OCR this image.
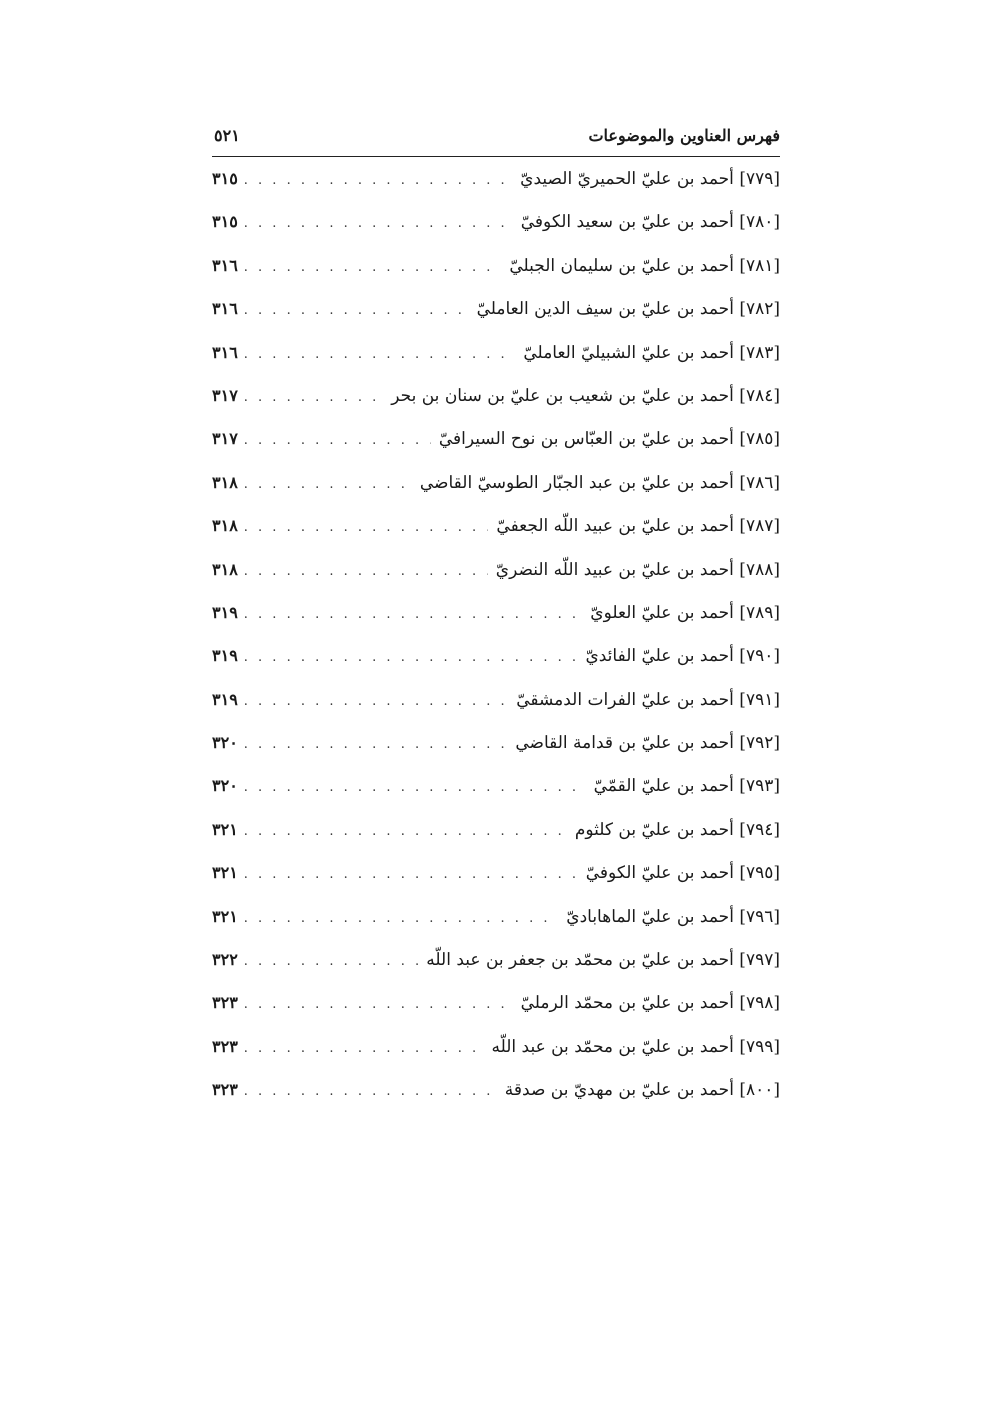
فهرس العناوين والموضوعات
٥٢١
[٧٧٩] أحمد بن عليّ الحميريّ الصيديّ
. . .
٣١٥
[٧٨٠] أحمد بن عليّ بن سعيد الكوفيّ
. . .
٣١٥
[٧٨١] أحمد بن عليّ بن سليمان الجبليّ
. . .
٣١٦
[٧٨٢] أحمد بن عليّ بن سيف الدين العامليّ
. . .
٣١٦
[٧٨٣] أحمد بن عليّ الشبيليّ العامليّ
. . .
٣١٦
[٧٨٤] أحمد بن عليّ بن شعيب بن عليّ بن سنان بن بحر
. . .
٣١٧
[٧٨٥] أحمد بن عليّ بن العبّاس بن نوح السيرافيّ
. . .
٣١٧
[٧٨٦] أحمد بن عليّ بن عبد الجبّار الطوسيّ القاضي
. . .
٣١٨
[٧٨٧] أحمد بن عليّ بن عبيد اللّه الجعفيّ
. . .
٣١٨
[٧٨٨] أحمد بن عليّ بن عبيد اللّه النضريّ
. . .
٣١٨
[٧٨٩] أحمد بن عليّ العلويّ
. . .
٣١٩
[٧٩٠] أحمد بن عليّ الفائديّ
. . .
٣١٩
[٧٩١] أحمد بن عليّ الفرات الدمشقيّ
. . .
٣١٩
[٧٩٢] أحمد بن عليّ بن قدامة القاضي
. . .
٣٢٠
[٧٩٣] أحمد بن عليّ القمّيّ
. . .
٣٢٠
[٧٩٤] أحمد بن عليّ بن كلثوم
. . .
٣٢١
[٧٩٥] أحمد بن عليّ الكوفيّ
. . .
٣٢١
[٧٩٦] أحمد بن عليّ الماهاباديّ
. . .
٣٢١
[٧٩٧] أحمد بن عليّ بن محمّد بن جعفر بن عبد اللّه
. . .
٣٢٢
[٧٩٨] أحمد بن عليّ بن محمّد الرمليّ
. . .
٣٢٣
[٧٩٩] أحمد بن عليّ بن محمّد بن عبد اللّه
. . .
٣٢٣
[٨٠٠] أحمد بن عليّ بن مهديّ بن صدقة
. . .
٣٢٣
